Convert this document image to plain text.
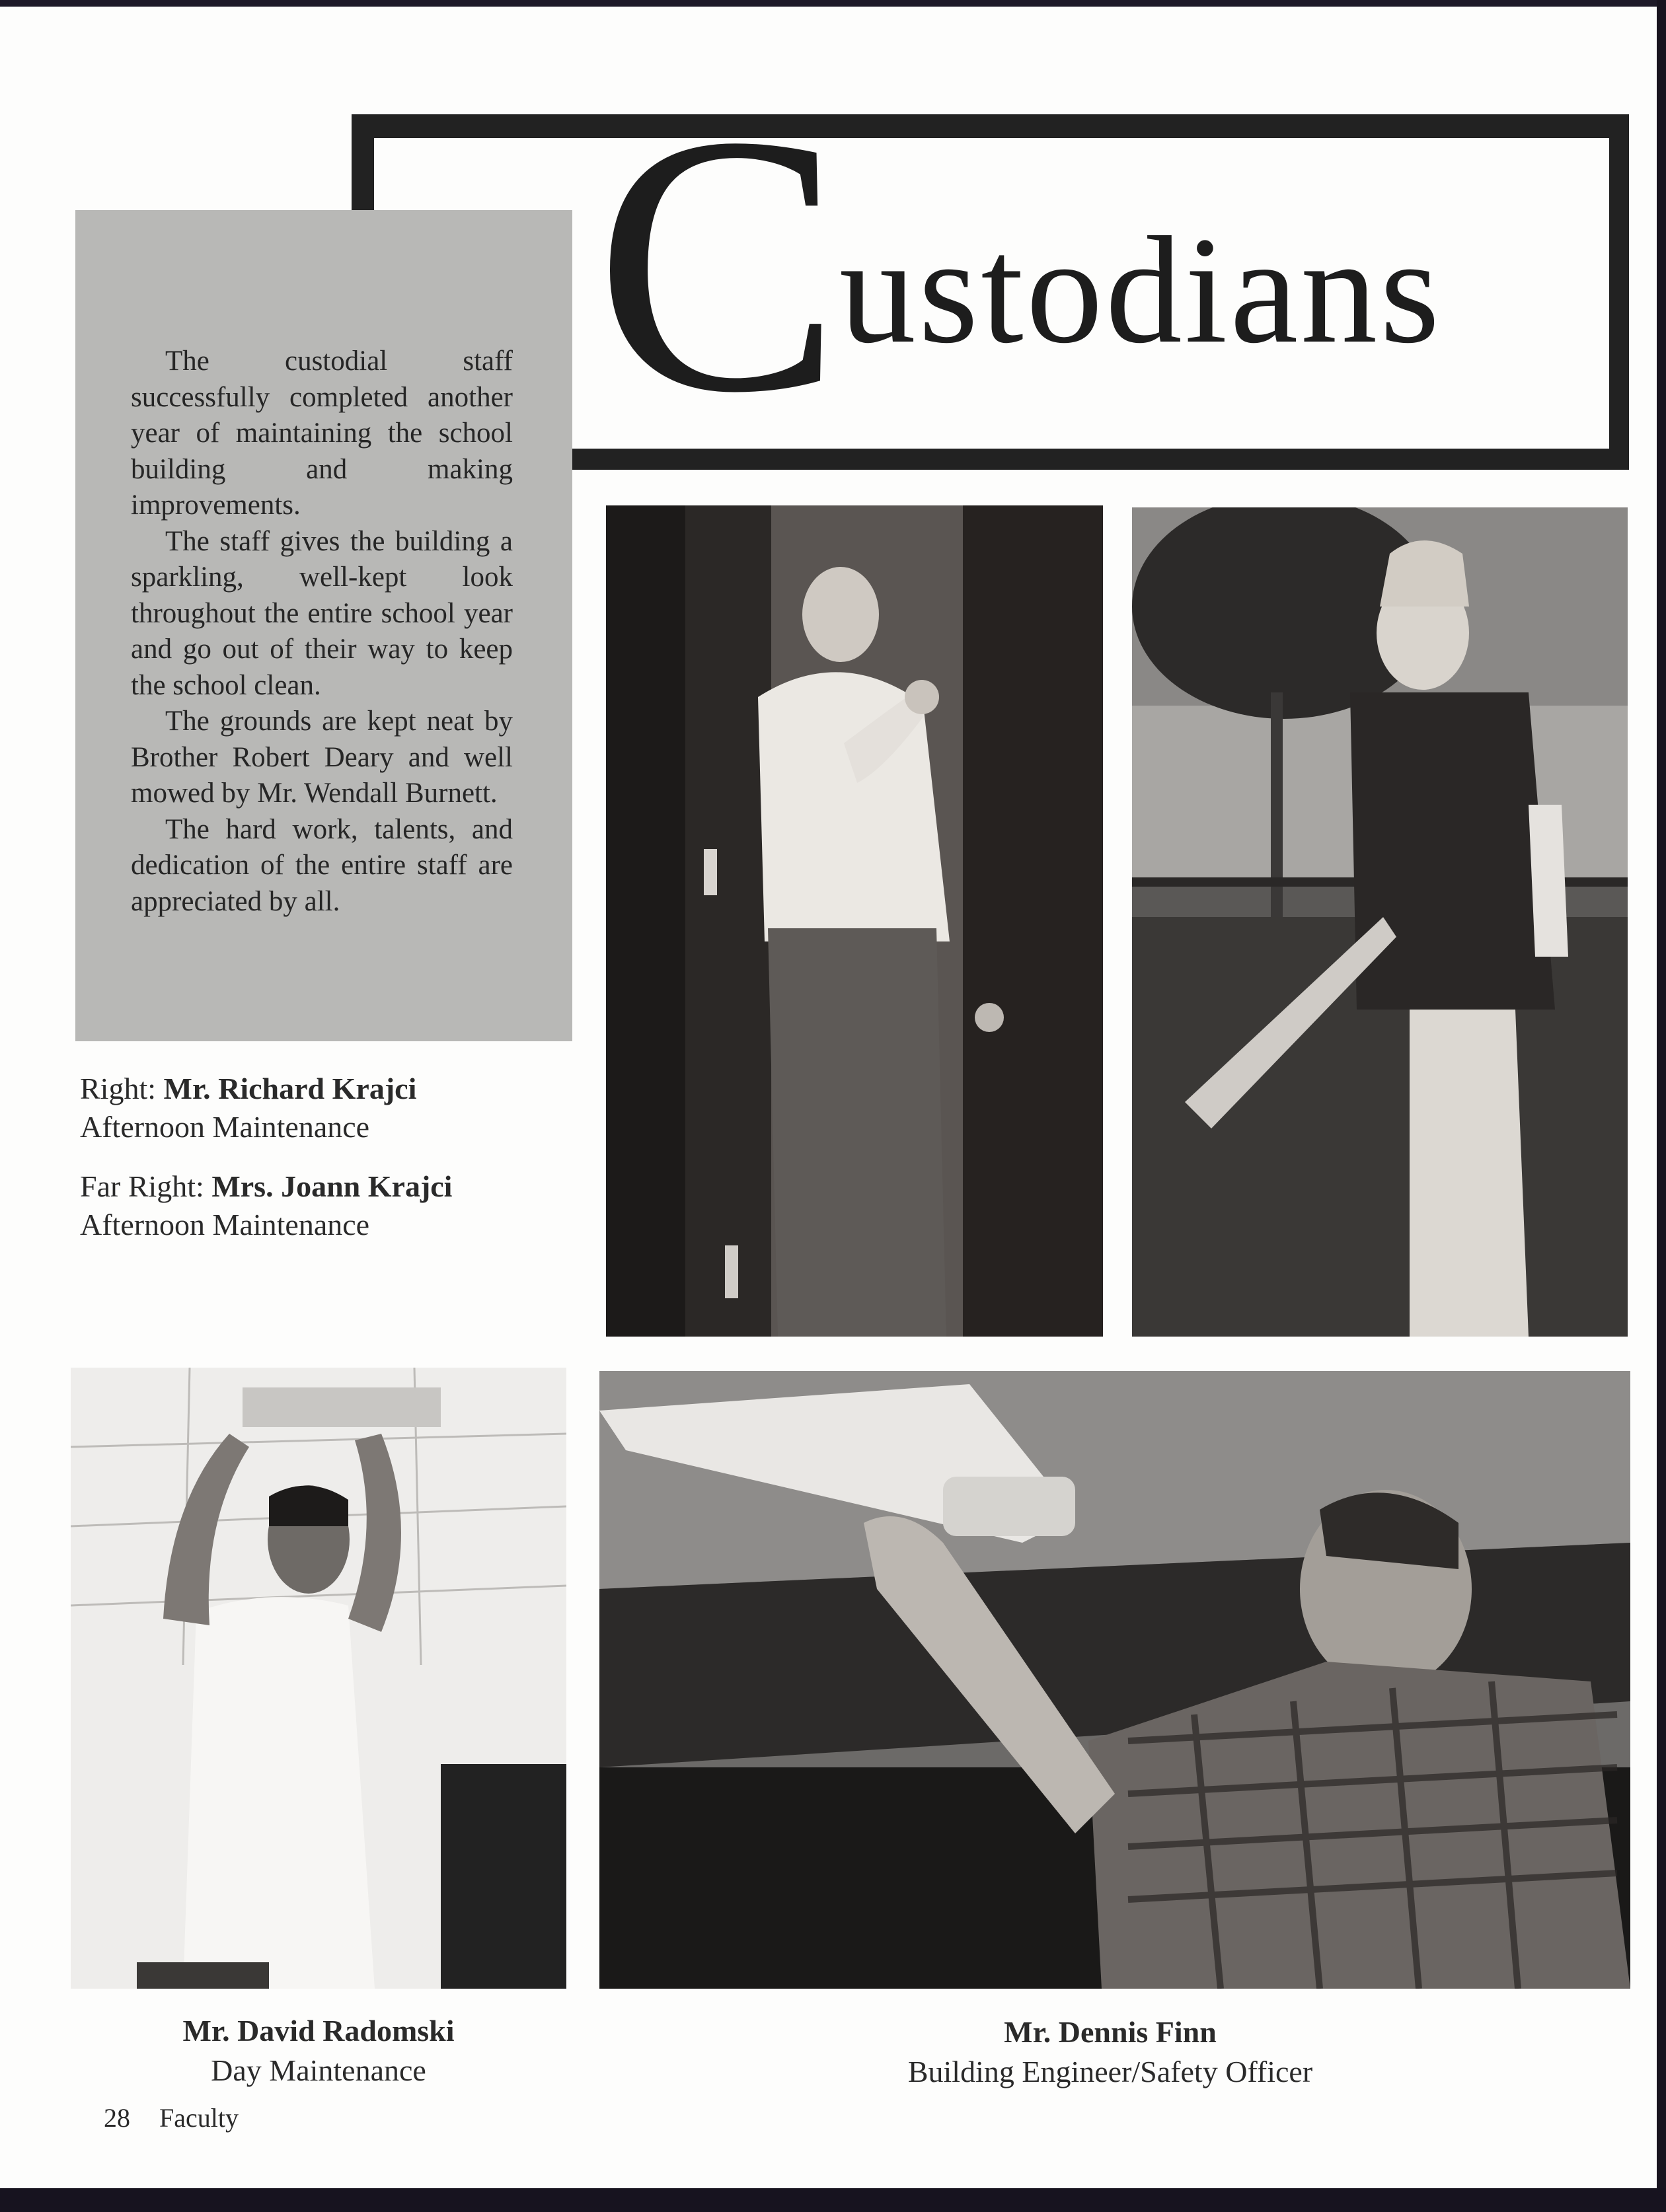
C
ustodians

The custodial staff successfully completed another year of maintaining the school building and making improvements.

The staff gives the building a sparkling, well-kept look throughout the entire school year and go out of their way to keep the school clean.

The grounds are kept neat by Brother Robert Deary and well mowed by Mr. Wendall Burnett.

The hard work, talents, and dedication of the entire staff are appreciated by all.

Right: Mr. Richard Krajci
Afternoon Maintenance
Far Right: Mrs. Joann Krajci
Afternoon Maintenance
Mr. David Radomski
Day Maintenance
Mr. Dennis Finn
Building Engineer/Safety Officer
28 Faculty
